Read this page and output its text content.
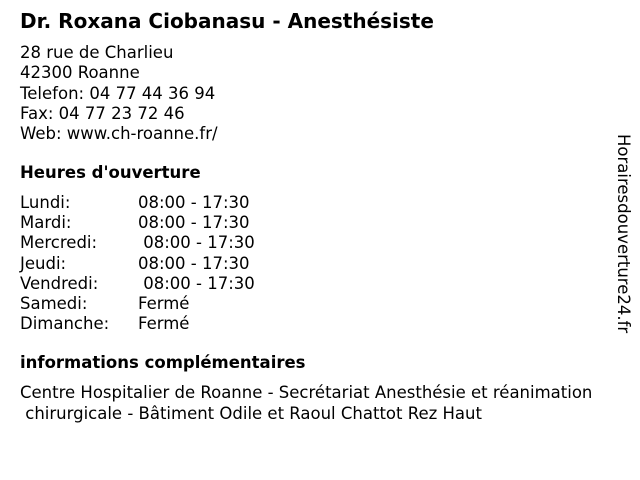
Dr. Roxana Ciobanasu - Anesthésiste
28 rue de Charlieu
42300 Roanne
Telefon: 04 77 44 36 94
Fax: 04 77 23 72 46
Web: www.ch-roanne.fr/
Heures d'ouverture
Lundi:	08:00 - 17:30
Mardi:	08:00 - 17:30
Mercredi:	08:00 - 17:30
Jeudi:	08:00 - 17:30
Vendredi:	08:00 - 17:30
Samedi:	Fermé
Dimanche:	Fermé
informations complémentaires
Centre Hospitalier de Roanne - Secrétariat Anesthésie et réanimation
chirurgicale - Bâtiment Odile et Raoul Chattot Rez Haut
Horairesdouverture24.fr
